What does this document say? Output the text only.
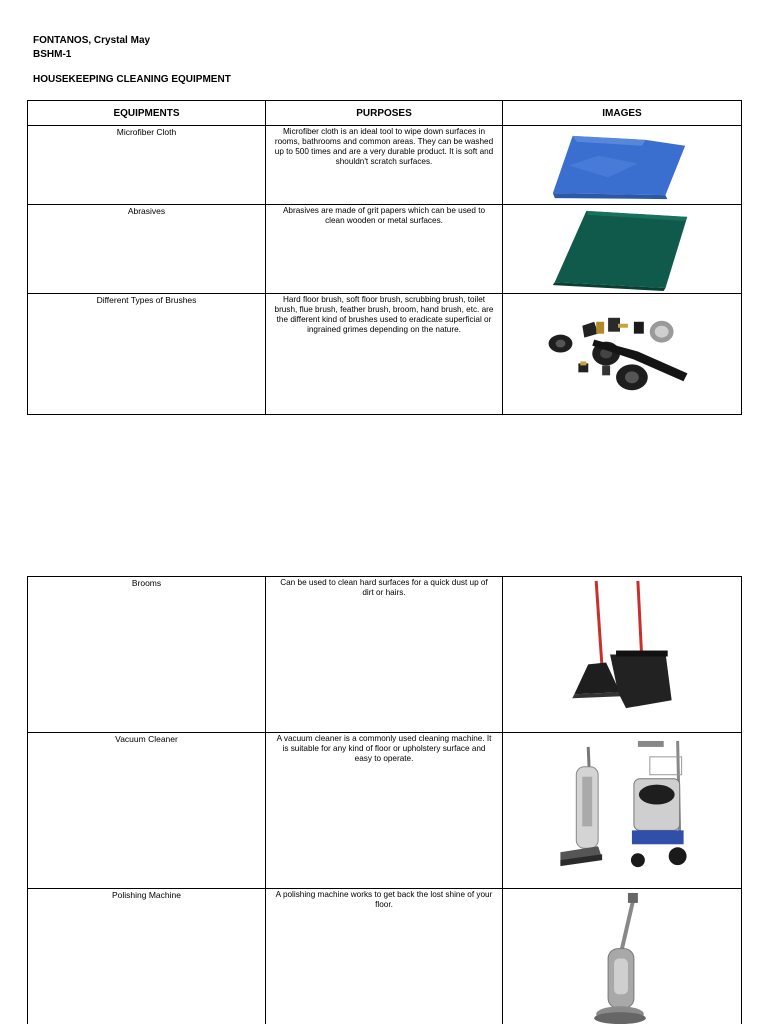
FONTANOS, Crystal May
BSHM-1
HOUSEKEEPING CLEANING EQUIPMENT
EQUIPMENTS	PURPOSES	IMAGES
Microfiber Cloth	Microfiber cloth is an ideal tool to wipe down surfaces in rooms, bathrooms and common areas. They can be washed up to 500 times and are a very durable product. It is soft and shouldn't scratch surfaces.	

Abrasives	Abrasives are made of grit papers which can be used to clean wooden or metal surfaces.	

Different Types of Brushes	Hard floor brush, soft floor brush, scrubbing brush, toilet brush, flue brush, feather brush, broom, hand brush, etc. are the different kind of brushes used to eradicate superficial or ingrained grimes depending on the nature.	
Brooms	Can be used to clean hard surfaces for a quick dust up of dirt or hairs.	

Vacuum Cleaner	A vacuum cleaner is a commonly used cleaning machine. It is suitable for any kind of floor or upholstery surface and easy to operate.	

Polishing Machine	A polishing machine works to get back the lost shine of your floor.	
